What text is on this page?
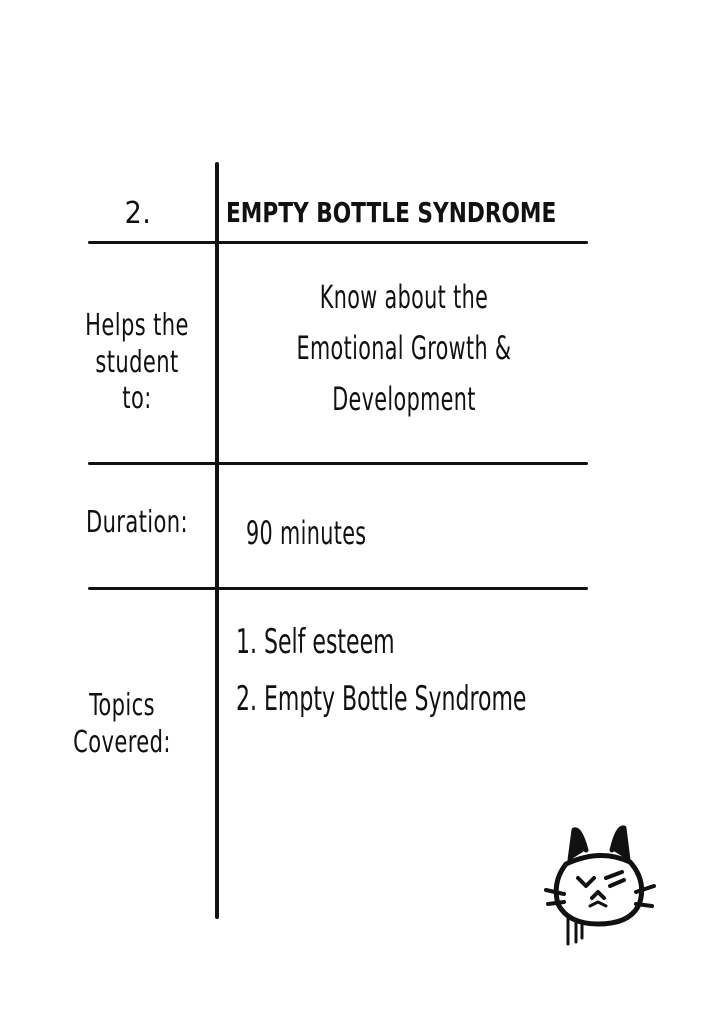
2.	EMPTY BOTTLE SYNDROME
Helps the
student to:
Know about the
Emotional Growth &
Development
Duration: 90 minutes
Topics
Covered:
1. Self esteem
2. Empty Bottle Syndrome
